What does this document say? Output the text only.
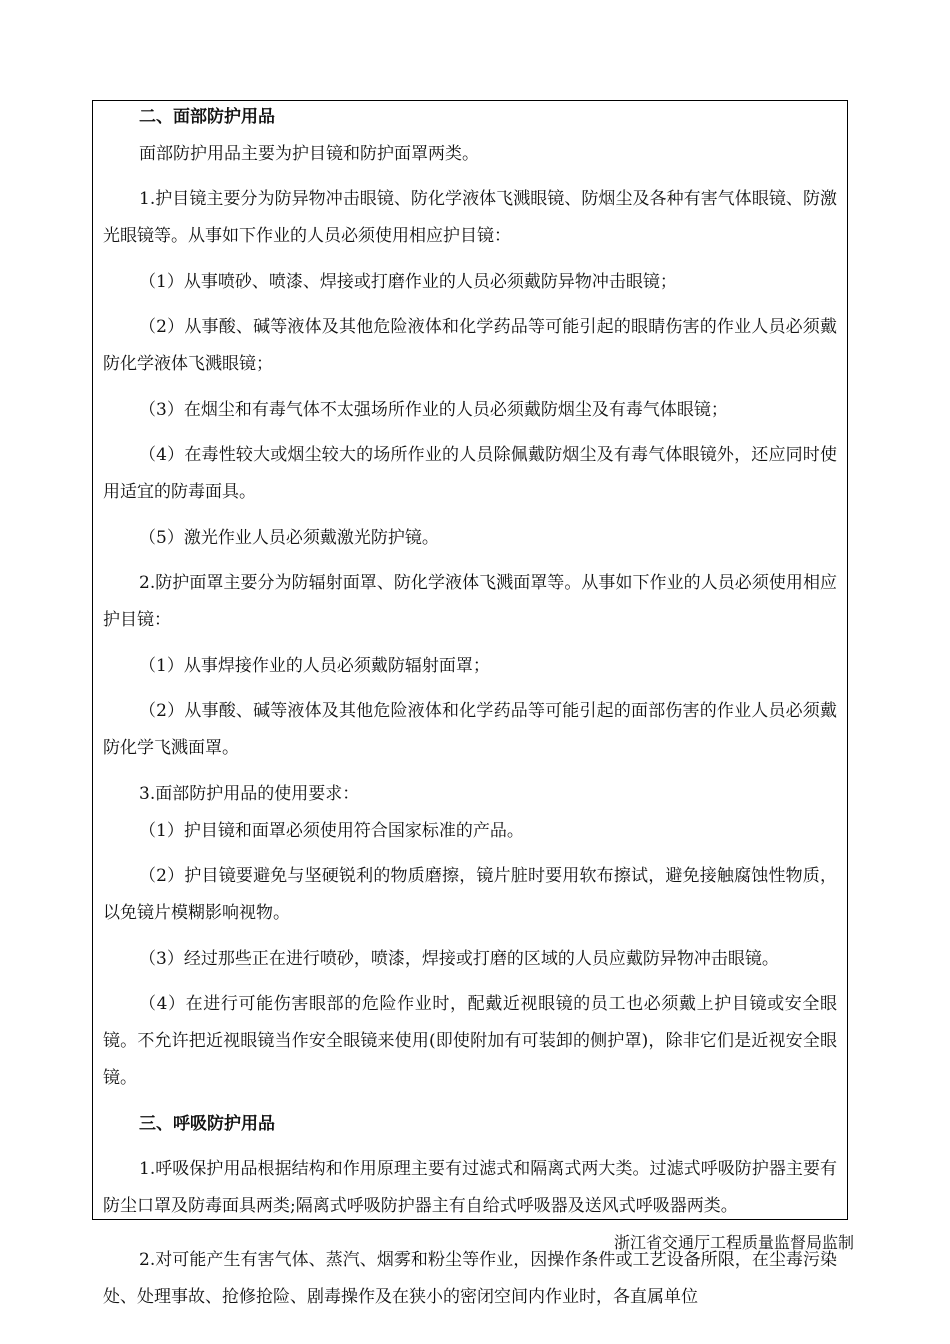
二、面部防护用品

面部防护用品主要为护目镜和防护面罩两类。

1.护目镜主要分为防异物冲击眼镜、防化学液体飞溅眼镜、防烟尘及各种有害气体眼镜、防激光眼镜等。从事如下作业的人员必须使用相应护目镜：

（1）从事喷砂、喷漆、焊接或打磨作业的人员必须戴防异物冲击眼镜；

（2）从事酸、碱等液体及其他危险液体和化学药品等可能引起的眼睛伤害的作业人员必须戴防化学液体飞溅眼镜；

（3）在烟尘和有毒气体不太强场所作业的人员必须戴防烟尘及有毒气体眼镜；

（4）在毒性较大或烟尘较大的场所作业的人员除佩戴防烟尘及有毒气体眼镜外，还应同时使用适宜的防毒面具。

（5）激光作业人员必须戴激光防护镜。

2.防护面罩主要分为防辐射面罩、防化学液体飞溅面罩等。从事如下作业的人员必须使用相应护目镜：

（1）从事焊接作业的人员必须戴防辐射面罩；

（2）从事酸、碱等液体及其他危险液体和化学药品等可能引起的面部伤害的作业人员必须戴防化学飞溅面罩。

3.面部防护用品的使用要求：

（1）护目镜和面罩必须使用符合国家标准的产品。

（2）护目镜要避免与坚硬锐利的物质磨擦，镜片脏时要用软布擦试，避免接触腐蚀性物质，以免镜片模糊影响视物。

（3）经过那些正在进行喷砂，喷漆，焊接或打磨的区域的人员应戴防异物冲击眼镜。

（4）在进行可能伤害眼部的危险作业时，配戴近视眼镜的员工也必须戴上护目镜或安全眼镜。不允许把近视眼镜当作安全眼镜来使用(即使附加有可装卸的侧护罩)，除非它们是近视安全眼镜。

三、呼吸防护用品

1.呼吸保护用品根据结构和作用原理主要有过滤式和隔离式两大类。过滤式呼吸防护器主要有防尘口罩及防毒面具两类;隔离式呼吸防护器主有自给式呼吸器及送风式呼吸器两类。

2.对可能产生有害气体、蒸汽、烟雾和粉尘等作业，因操作条件或工艺设备所限，在尘毒污染处、处理事故、抢修抢险、剧毒操作及在狭小的密闭空间内作业时，各直属单位

浙江省交通厅工程质量监督局监制
